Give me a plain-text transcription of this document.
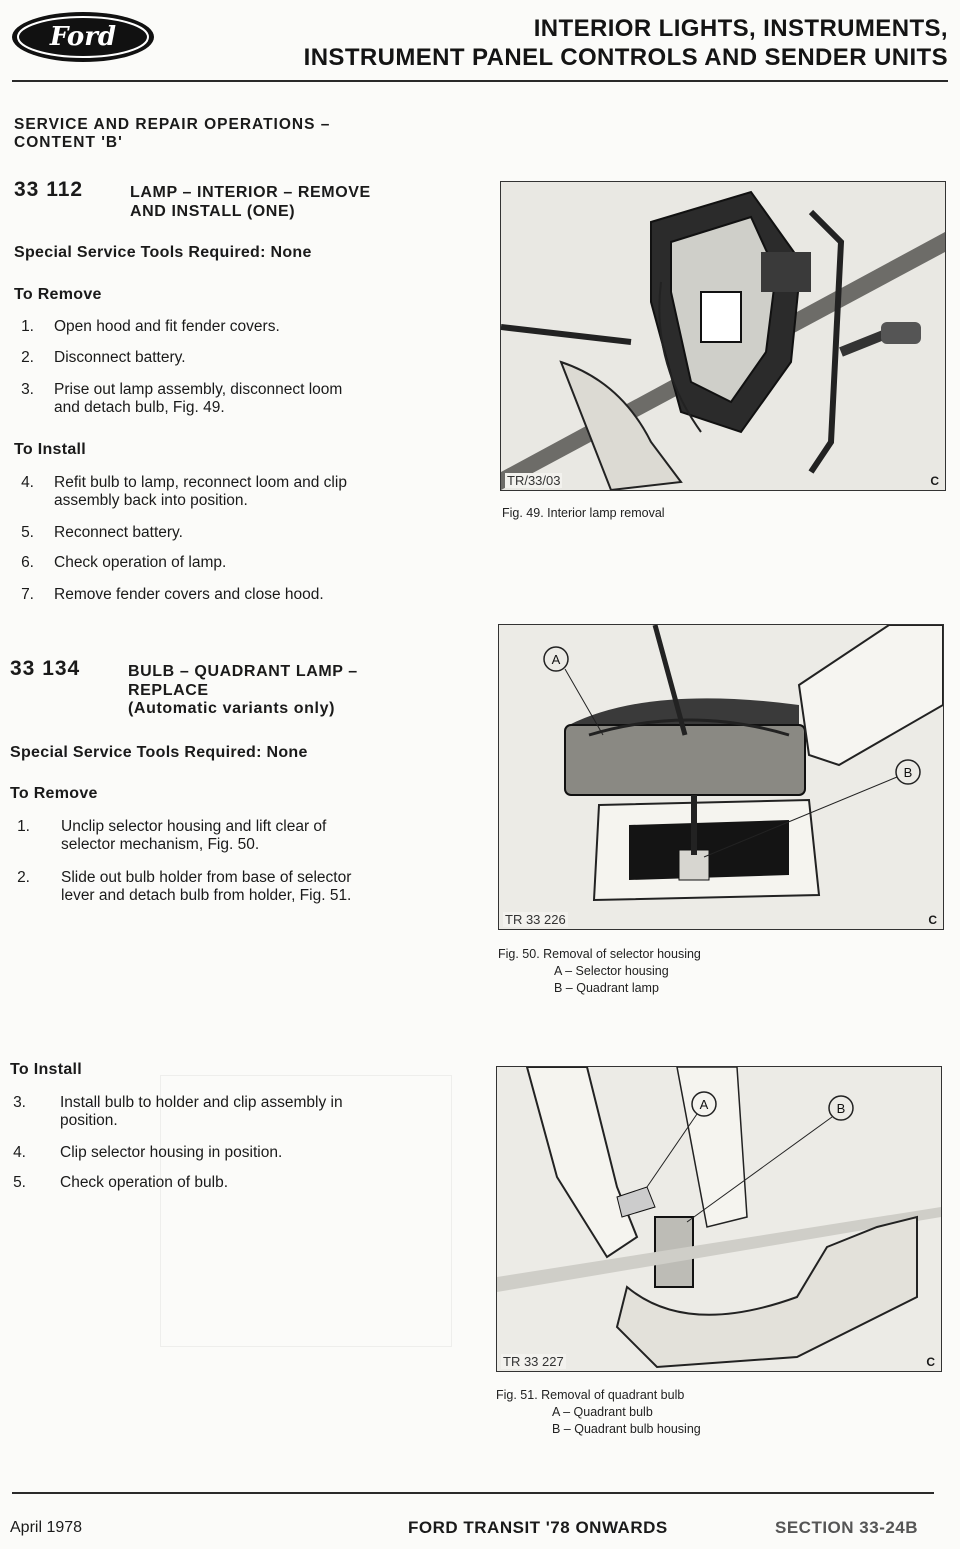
Ford	INTERIOR LIGHTS, INSTRUMENTS,
INSTRUMENT PANEL CONTROLS AND SENDER UNITS
SERVICE AND REPAIR OPERATIONS –
CONTENT 'B'
33 112	LAMP – INTERIOR – REMOVE
AND INSTALL (ONE)
Special Service Tools Required: None
To Remove
1. Open hood and fit fender covers.
2. Disconnect battery.
3. Prise out lamp assembly, disconnect loom
and detach bulb, Fig. 49.
To Install
4. Refit bulb to lamp, reconnect loom and clip
assembly back into position.
5. Reconnect battery.
6. Check operation of lamp.
7. Remove fender covers and close hood.
33 134	BULB – QUADRANT LAMP –
REPLACE
(Automatic variants only)
Special Service Tools Required: None
To Remove
1. Unclip selector housing and lift clear of
selector mechanism, Fig. 50.
2. Slide out bulb holder from base of selector
lever and detach bulb from holder, Fig. 51.
To Install
3. Install bulb to holder and clip assembly in
position.
4. Clip selector housing in position.
5. Check operation of bulb.
TR/33/03	C
Fig. 49. Interior lamp removal
A
B
TR 33 226	C
Fig. 50. Removal of selector housing
A – Selector housing
B – Quadrant lamp
A	B
TR 33 227	C
Fig. 51. Removal of quadrant bulb
A – Quadrant bulb
B – Quadrant bulb housing
April 1978	FORD TRANSIT '78 ONWARDS	SECTION 33-24B
